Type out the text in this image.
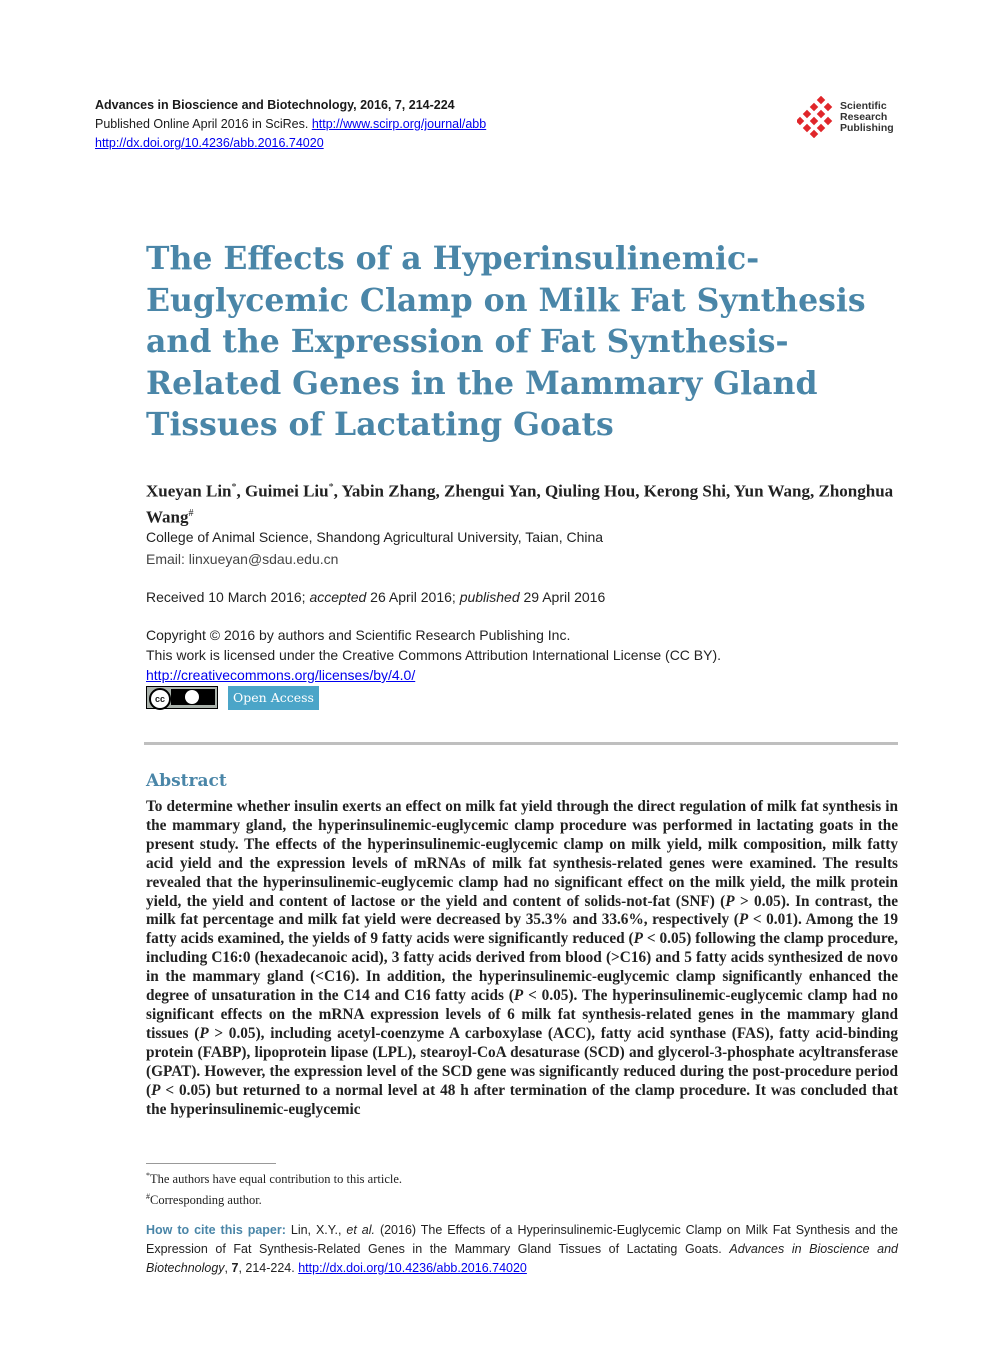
Advances in Bioscience and Biotechnology, 2016, 7, 214-224
Published Online April 2016 in SciRes. http://www.scirp.org/journal/abb
http://dx.doi.org/10.4236/abb.2016.74020
Scientific
Research
Publishing
The Effects of a Hyperinsulinemic-Euglycemic Clamp on Milk Fat Synthesis and the Expression of Fat Synthesis-Related Genes in the Mammary Gland Tissues of Lactating Goats
Xueyan Lin*, Guimei Liu*, Yabin Zhang, Zhengui Yan, Qiuling Hou, Kerong Shi, Yun Wang, Zhonghua Wang#
College of Animal Science, Shandong Agricultural University, Taian, China
Email: linxueyan@sdau.edu.cn
Received 10 March 2016; accepted 26 April 2016; published 29 April 2016
Copyright © 2016 by authors and Scientific Research Publishing Inc.
This work is licensed under the Creative Commons Attribution International License (CC BY).
http://creativecommons.org/licenses/by/4.0/
cc	Open Access
Abstract

To determine whether insulin exerts an effect on milk fat yield through the direct regulation of milk fat synthesis in the mammary gland, the hyperinsulinemic-euglycemic clamp procedure was performed in lactating goats in the present study. The effects of the hyperinsulinemic-euglycemic clamp on milk yield, milk composition, milk fatty acid yield and the expression levels of mRNAs of milk fat synthesis-related genes were examined. The results revealed that the hyperinsulinemic-euglycemic clamp had no significant effect on the milk yield, the milk protein yield, the yield and content of lactose or the yield and content of solids-not-fat (SNF) (P > 0.05). In contrast, the milk fat percentage and milk fat yield were decreased by 35.3% and 33.6%, respectively (P < 0.01). Among the 19 fatty acids examined, the yields of 9 fatty acids were significantly reduced (P < 0.05) following the clamp procedure, including C16:0 (hexadecanoic acid), 3 fatty acids derived from blood (>C16) and 5 fatty acids synthesized de novo in the mammary gland (<C16). In addition, the hyperinsulinemic-euglycemic clamp significantly enhanced the degree of unsaturation in the C14 and C16 fatty acids (P < 0.05). The hyperinsulinemic-euglycemic clamp had no significant effects on the mRNA expression levels of 6 milk fat synthesis-related genes in the mammary gland tissues (P > 0.05), including acetyl-coenzyme A carboxylase (ACC), fatty acid synthase (FAS), fatty acid-binding protein (FABP), lipoprotein lipase (LPL), stearoyl-CoA desaturase (SCD) and glycerol-3-phosphate acyltransferase (GPAT). However, the expression level of the SCD gene was significantly reduced during the post-procedure period (P < 0.05) but returned to a normal level at 48 h after termination of the clamp procedure. It was concluded that the hyperinsulinemic-euglycemic

*The authors have equal contribution to this article.
#Corresponding author.
How to cite this paper: Lin, X.Y., et al. (2016) The Effects of a Hyperinsulinemic-Euglycemic Clamp on Milk Fat Synthesis and the Expression of Fat Synthesis-Related Genes in the Mammary Gland Tissues of Lactating Goats. Advances in Bioscience and Biotechnology, 7, 214-224. http://dx.doi.org/10.4236/abb.2016.74020
